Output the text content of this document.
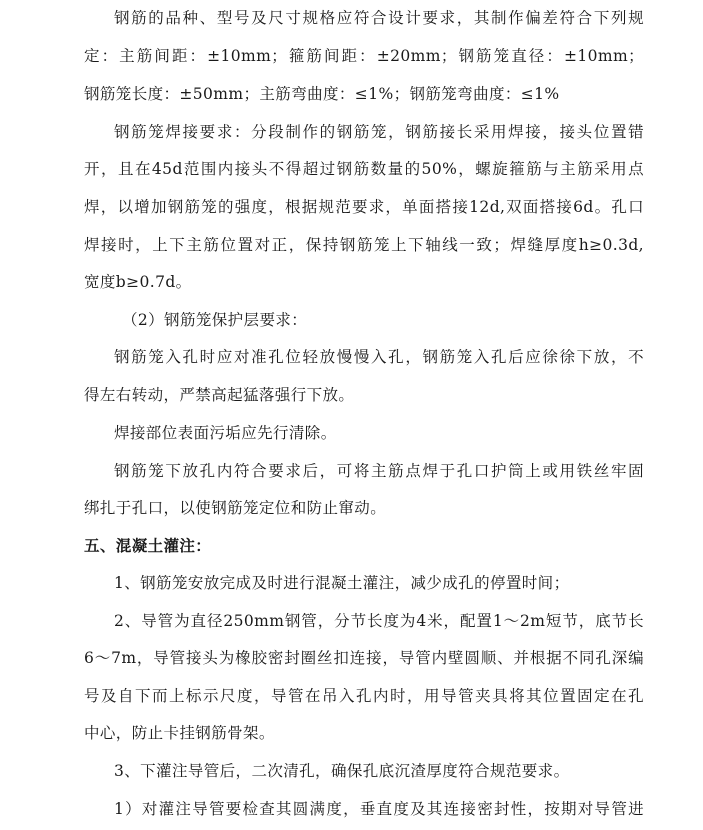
钢筋的品种、型号及尺寸规格应符合设计要求，其制作偏差符合下列规
定：主筋间距：±10mm；箍筋间距：±20mm；钢筋笼直径：±10mm；
钢筋笼长度：±50mm；主筋弯曲度：≤1%；钢筋笼弯曲度：≤1%
钢筋笼焊接要求：分段制作的钢筋笼，钢筋接长采用焊接，接头位置错
开，且在45d范围内接头不得超过钢筋数量的50%，螺旋箍筋与主筋采用点
焊，以增加钢筋笼的强度，根据规范要求，单面搭接12d,双面搭接6d。孔口
焊接时，上下主筋位置对正，保持钢筋笼上下轴线一致；焊缝厚度h≥0.3d,
宽度b≥0.7d。
（2）钢筋笼保护层要求：
钢筋笼入孔时应对准孔位轻放慢慢入孔，钢筋笼入孔后应徐徐下放，不
得左右转动，严禁高起猛落强行下放。
焊接部位表面污垢应先行清除。
钢筋笼下放孔内符合要求后，可将主筋点焊于孔口护筒上或用铁丝牢固
绑扎于孔口，以使钢筋笼定位和防止窜动。
五、混凝土灌注：
1、钢筋笼安放完成及时进行混凝土灌注，减少成孔的停置时间；
2、导管为直径250mm钢管，分节长度为4米，配置1～2m短节，底节长
6～7m，导管接头为橡胶密封圈丝扣连接，导管内壁圆顺、并根据不同孔深编
号及自下而上标示尺度，导管在吊入孔内时，用导管夹具将其位置固定在孔
中心，防止卡挂钢筋骨架。
3、下灌注导管后，二次清孔，确保孔底沉渣厚度符合规范要求。
1）对灌注导管要检查其圆满度，垂直度及其连接密封性，按期对导管进
